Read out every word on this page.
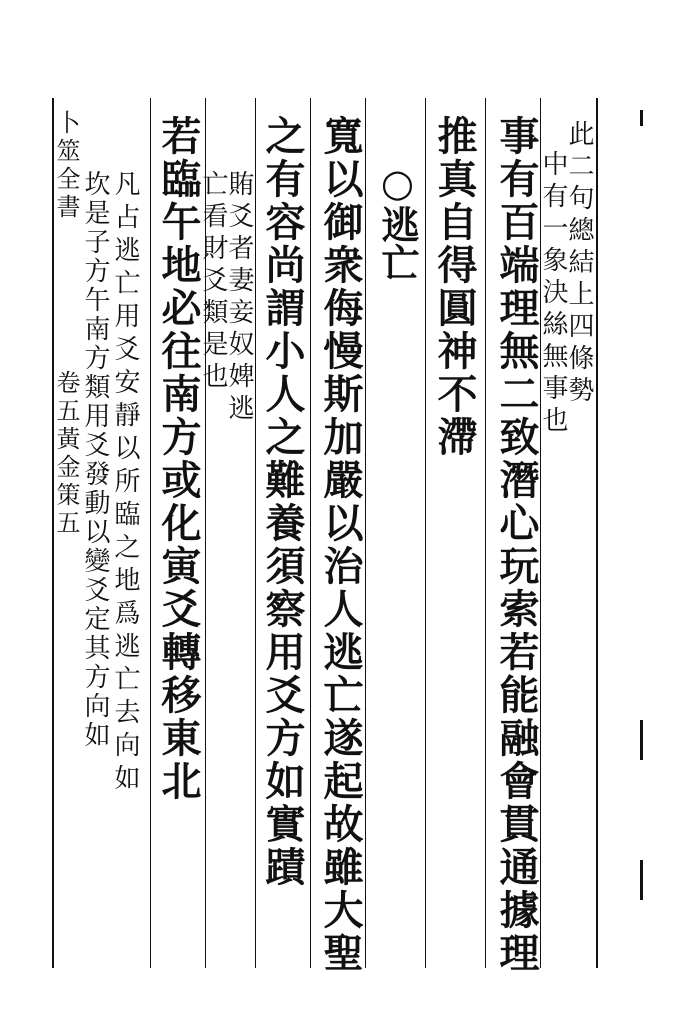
此二句總結上四條勢
中有一象決絲無事也
事有百端理無二致潛心玩索若能融會貫通據理
推真自得圓神不滯
○逃亡
寬以御衆侮慢斯加嚴以治人逃亡遂起故雖大聖
之有容尚謂小人之難養須察用爻方如實蹟
賄爻者妻妾奴婢逃
亡看財爻類是也
若臨午地必往南方或化寅爻轉移東北
凡占逃亡用爻安靜以所臨之地爲逃亡去向如
坎是子方午南方類用爻發動以變爻定其方向如
卜筮全書
卷五黃金策五
